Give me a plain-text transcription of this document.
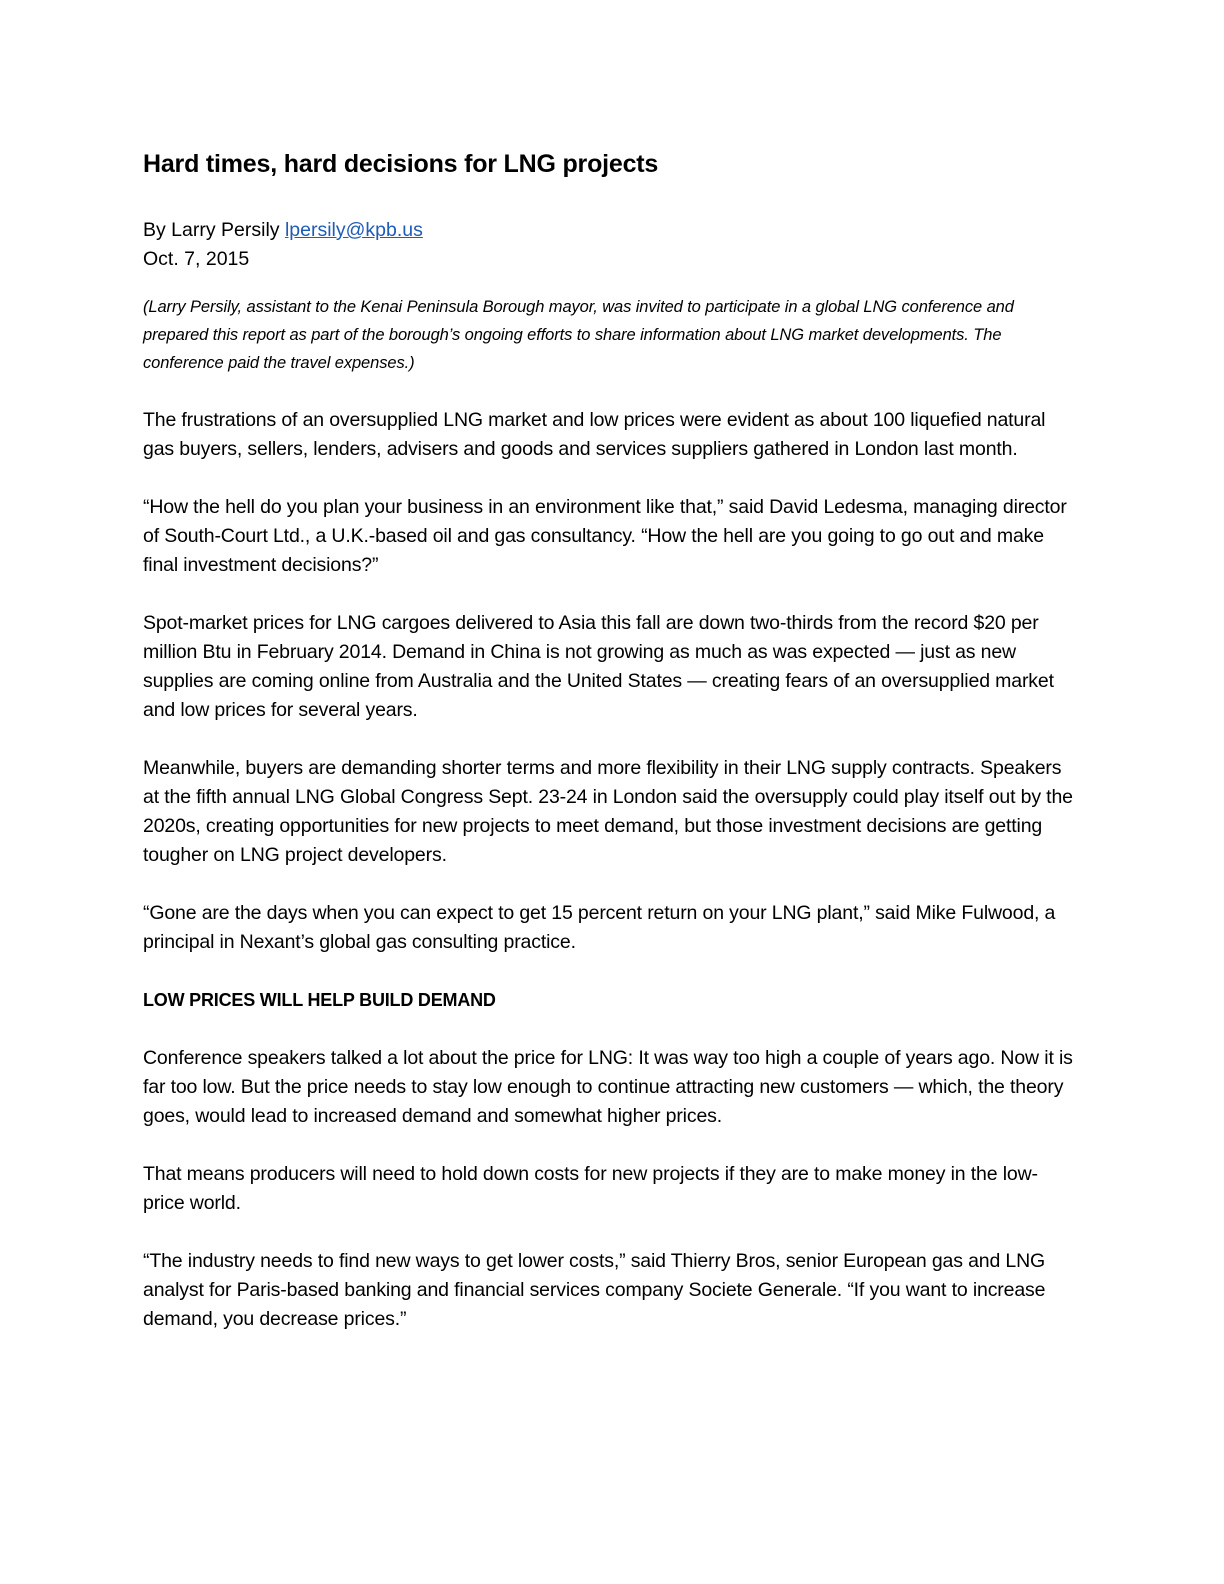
Hard times, hard decisions for LNG projects

By Larry Persily lpersily@kpb.us

Oct. 7, 2015

(Larry Persily, assistant to the Kenai Peninsula Borough mayor, was invited to participate in a global LNG conference and prepared this report as part of the borough’s ongoing efforts to share information about LNG market developments. The conference paid the travel expenses.)

The frustrations of an oversupplied LNG market and low prices were evident as about 100 liquefied natural gas buyers, sellers, lenders, advisers and goods and services suppliers gathered in London last month.

“How the hell do you plan your business in an environment like that,” said David Ledesma, managing director of South-Court Ltd., a U.K.-based oil and gas consultancy. “How the hell are you going to go out and make final investment decisions?”

Spot-market prices for LNG cargoes delivered to Asia this fall are down two-thirds from the record $20 per million Btu in February 2014. Demand in China is not growing as much as was expected — just as new supplies are coming online from Australia and the United States — creating fears of an oversupplied market and low prices for several years.

Meanwhile, buyers are demanding shorter terms and more flexibility in their LNG supply contracts. Speakers at the fifth annual LNG Global Congress Sept. 23-24 in London said the oversupply could play itself out by the 2020s, creating opportunities for new projects to meet demand, but those investment decisions are getting tougher on LNG project developers.

“Gone are the days when you can expect to get 15 percent return on your LNG plant,” said Mike Fulwood, a principal in Nexant’s global gas consulting practice.

LOW PRICES WILL HELP BUILD DEMAND

Conference speakers talked a lot about the price for LNG: It was way too high a couple of years ago. Now it is far too low. But the price needs to stay low enough to continue attracting new customers — which, the theory goes, would lead to increased demand and somewhat higher prices.

That means producers will need to hold down costs for new projects if they are to make money in the low-price world.

“The industry needs to find new ways to get lower costs,” said Thierry Bros, senior European gas and LNG analyst for Paris-based banking and financial services company Societe Generale. “If you want to increase demand, you decrease prices.”
